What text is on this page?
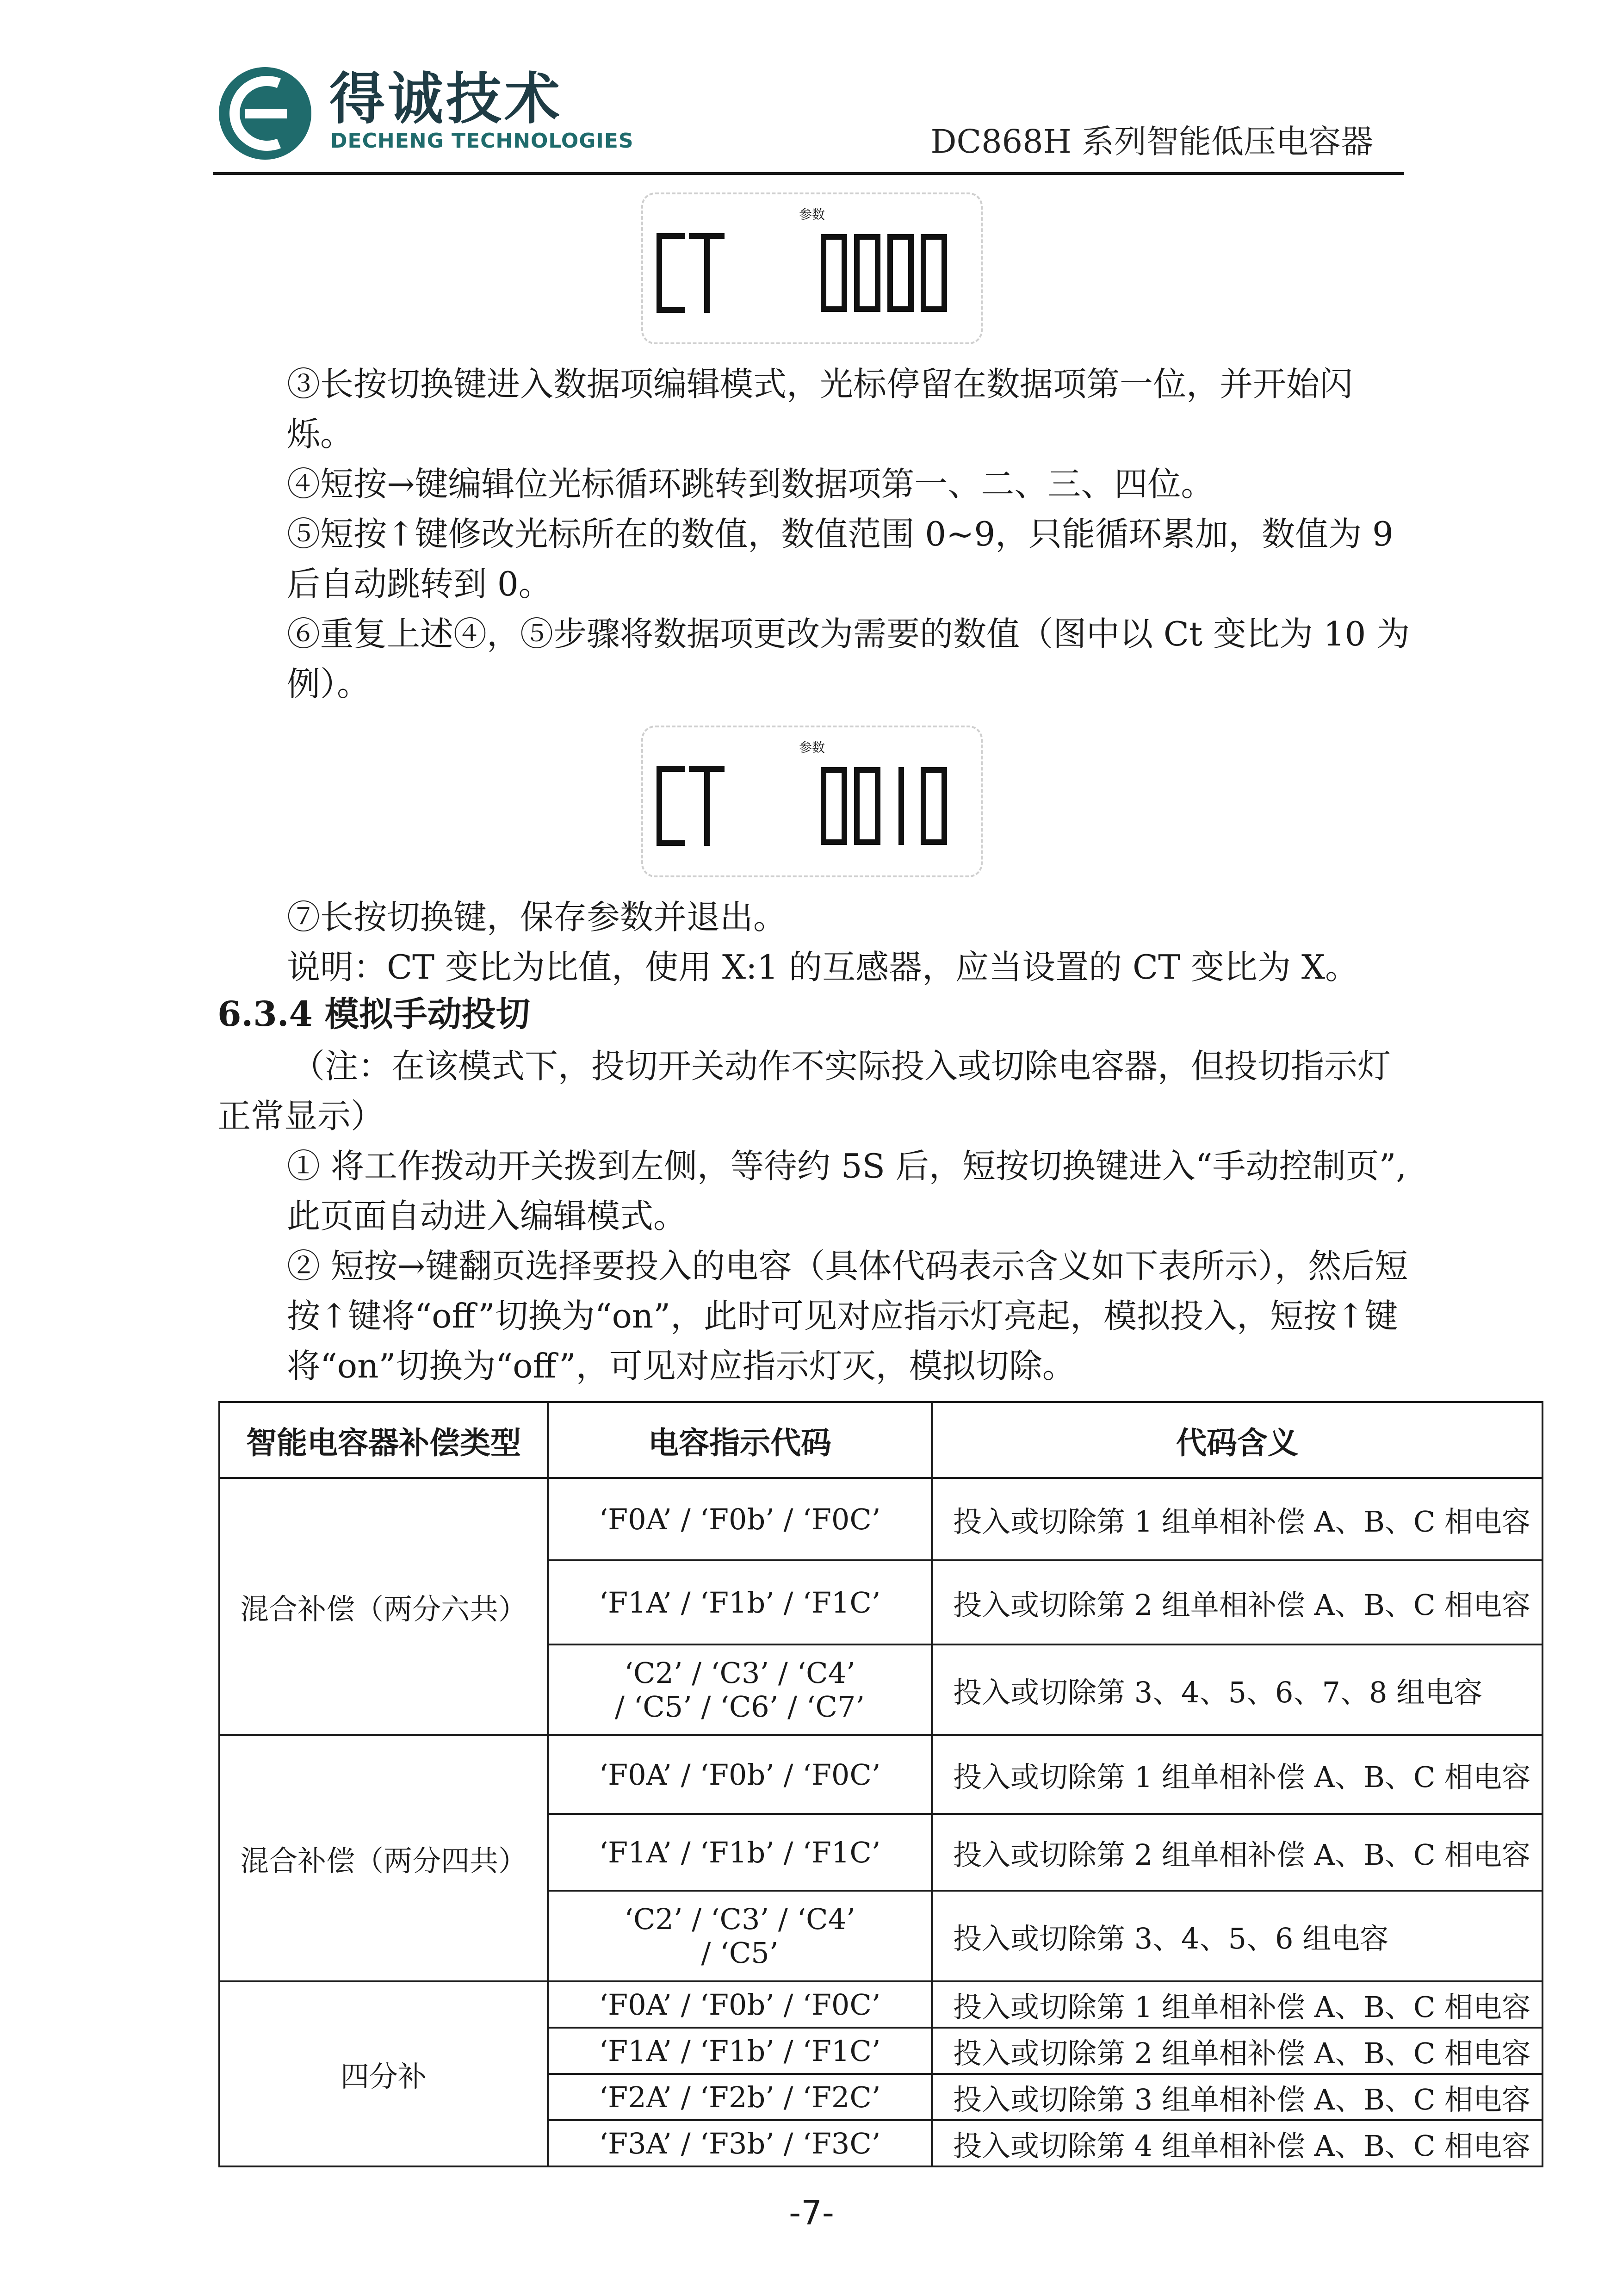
得诚技术
DECHENG TECHNOLOGIES	DC868H 系列智能低压电容器
参数
③长按切换键进入数据项编辑模式，光标停留在数据项第一位，并开始闪烁。
④短按→键编辑位光标循环跳转到数据项第一、二、三、四位。
⑤短按↑键修改光标所在的数值，数值范围 0~9，只能循环累加，数值为 9 后自动跳转到 0。
⑥重复上述④，⑤步骤将数据项更改为需要的数值（图中以 Ct 变比为 10 为例）。
参数
⑦长按切换键，保存参数并退出。
说明：CT 变比为比值，使用 X:1 的互感器，应当设置的 CT 变比为 X。
6.3.4 模拟手动投切
（注：在该模式下，投切开关动作不实际投入或切除电容器，但投切指示灯正常显示）
① 将工作拨动开关拨到左侧，等待约 5S 后，短按切换键进入“手动控制页”,此页面自动进入编辑模式。
② 短按→键翻页选择要投入的电容（具体代码表示含义如下表所示），然后短按↑键将“off”切换为“on”，此时可见对应指示灯亮起，模拟投入，短按↑键将“on”切换为“off”，可见对应指示灯灭，模拟切除。
智能电容器补偿类型	电容指示代码	代码含义
混合补偿（两分六共）	‘F0A’ / ‘F0b’ / ‘F0C’	投入或切除第 1 组单相补偿 A、B、C 相电容
	‘F1A’ / ‘F1b’ / ‘F1C’	投入或切除第 2 组单相补偿 A、B、C 相电容

	‘C2’ / ‘C3’ / ‘C4’
/ ‘C5’ / ‘C6’ / ‘C7’	投入或切除第 3、4、5、6、7、8 组电容
混合补偿（两分四共）	‘F0A’ / ‘F0b’ / ‘F0C’	投入或切除第 1 组单相补偿 A、B、C 相电容
	‘F1A’ / ‘F1b’ / ‘F1C’	投入或切除第 2 组单相补偿 A、B、C 相电容

	‘C2’ / ‘C3’ / ‘C4’
/ ‘C5’	投入或切除第 3、4、5、6 组电容
四分补	‘F0A’ / ‘F0b’ / ‘F0C’	投入或切除第 1 组单相补偿 A、B、C 相电容
	‘F1A’ / ‘F1b’ / ‘F1C’	投入或切除第 2 组单相补偿 A、B、C 相电容
	‘F2A’ / ‘F2b’ / ‘F2C’	投入或切除第 3 组单相补偿 A、B、C 相电容
	‘F3A’ / ‘F3b’ / ‘F3C’	投入或切除第 4 组单相补偿 A、B、C 相电容
-7-
